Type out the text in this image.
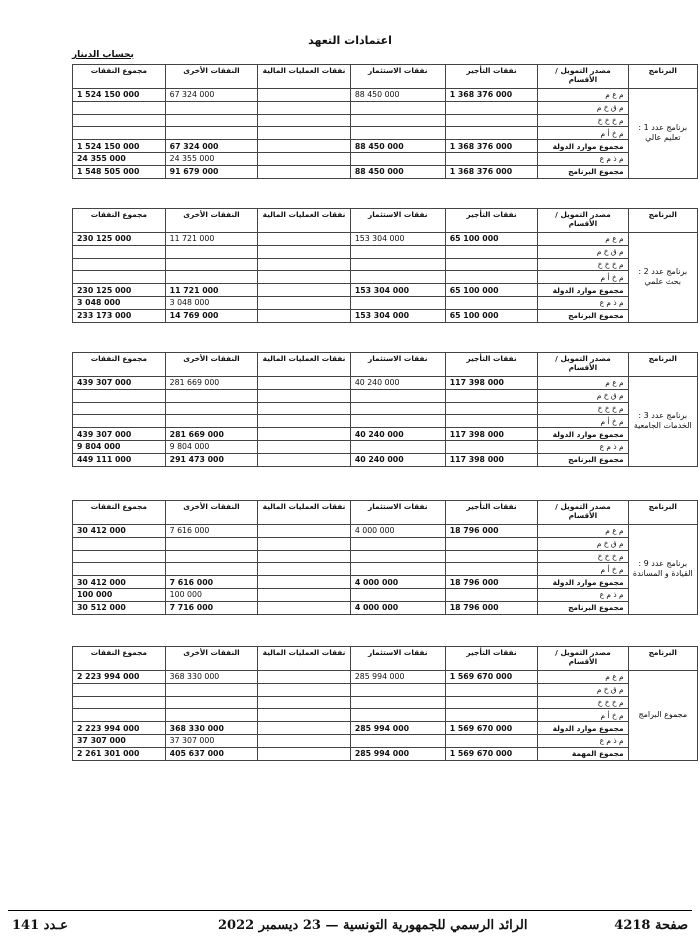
اعتمادات التعهد
بحساب الدينار
البرنامج	مصدر التمويل / الأقسام	نفقات التأجير	نفقات الاستثمار	نفقات العمليات المالية	النفقات الأخرى	مجموع النفقات
برنامج عدد 1 : تعليم عالي	م ع م	1 368 376 000	88 450 000		67 324 000	1 524 150 000
	م ق خ م					
	م خ خ خ					
	م خ أ م					
	مجموع موارد الدولة	1 368 376 000	88 450 000		67 324 000	1 524 150 000
	م ذ م ع				24 355 000	24 355 000
	مجموع البرنامج	1 368 376 000	88 450 000		91 679 000	1 548 505 000
البرنامج	مصدر التمويل / الأقسام	نفقات التأجير	نفقات الاستثمار	نفقات العمليات المالية	النفقات الأخرى	مجموع النفقات
برنامج عدد 2 : بحث علمي	م ع م	65 100 000	153 304 000		11 721 000	230 125 000
	م ق خ م					
	م خ خ خ					
	م خ أ م					
	مجموع موارد الدولة	65 100 000	153 304 000		11 721 000	230 125 000
	م ذ م ع				3 048 000	3 048 000
	مجموع البرنامج	65 100 000	153 304 000		14 769 000	233 173 000
البرنامج	مصدر التمويل / الأقسام	نفقات التأجير	نفقات الاستثمار	نفقات العمليات المالية	النفقات الأخرى	مجموع النفقات
برنامج عدد 3 : الخدمات الجامعية	م ع م	117 398 000	40 240 000		281 669 000	439 307 000
	م ق خ م					
	م خ خ خ					
	م خ أ م					
	مجموع موارد الدولة	117 398 000	40 240 000		281 669 000	439 307 000
	م ذ م ع				9 804 000	9 804 000
	مجموع البرنامج	117 398 000	40 240 000		291 473 000	449 111 000
البرنامج	مصدر التمويل / الأقسام	نفقات التأجير	نفقات الاستثمار	نفقات العمليات المالية	النفقات الأخرى	مجموع النفقات
برنامج عدد 9 : القيادة و المساندة	م ع م	18 796 000	4 000 000		7 616 000	30 412 000
	م ق خ م					
	م خ خ خ					
	م خ أ م					
	مجموع موارد الدولة	18 796 000	4 000 000		7 616 000	30 412 000
	م ذ م ع				100 000	100 000
	مجموع البرنامج	18 796 000	4 000 000		7 716 000	30 512 000
البرنامج	مصدر التمويل / الأقسام	نفقات التأجير	نفقات الاستثمار	نفقات العمليات المالية	النفقات الأخرى	مجموع النفقات
مجموع البرامج	م ع م	1 569 670 000	285 994 000		368 330 000	2 223 994 000
	م ق خ م					
	م خ خ خ					
	م خ أ م					
	مجموع موارد الدولة	1 569 670 000	285 994 000		368 330 000	2 223 994 000
	م ذ م ع				37 307 000	37 307 000
	مجموع المهمة	1 569 670 000	285 994 000		405 637 000	2 261 301 000
عـدد 141	الرائد الرسمي للجمهورية التونسية — 23 ديسمبر 2022	صفحة 4218
